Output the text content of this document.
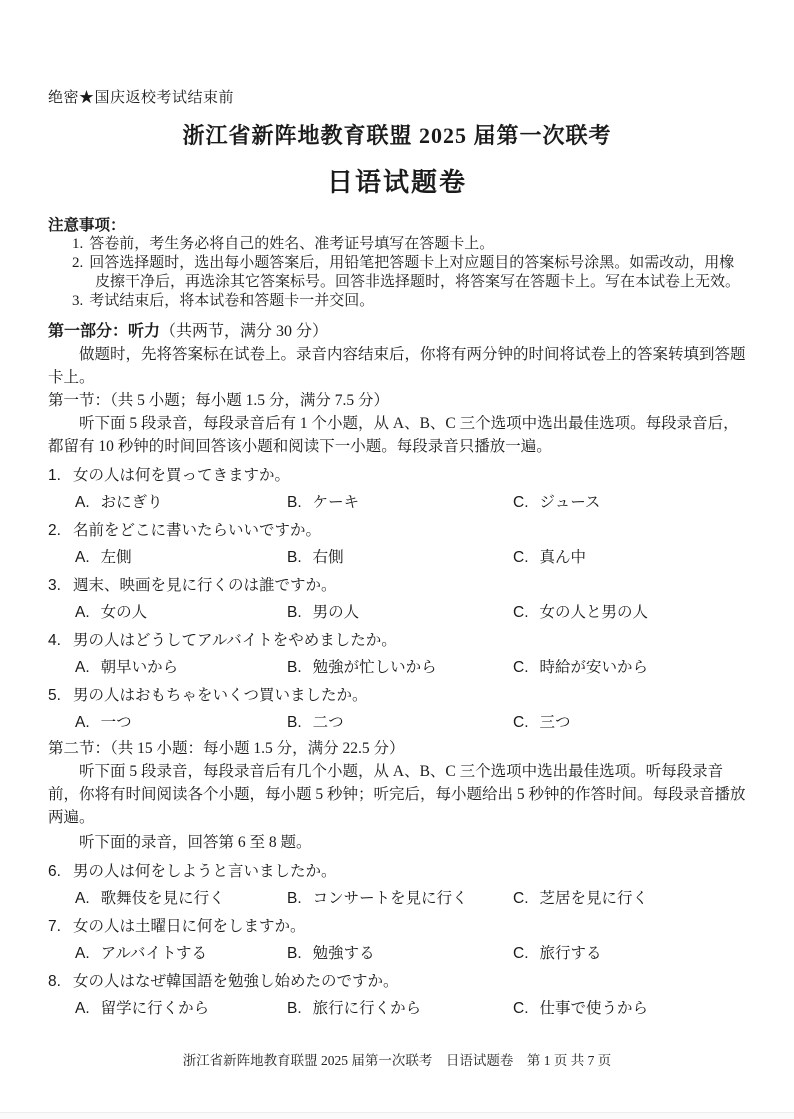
绝密★国庆返校考试结束前
浙江省新阵地教育联盟 2025 届第一次联考
日语试题卷
注意事项：
1. 答卷前，考生务必将自己的姓名、准考证号填写在答题卡上。
2. 回答选择题时，选出每小题答案后，用铅笔把答题卡上对应题目的答案标号涂黑。如需改动，用橡皮擦干净后，再选涂其它答案标号。回答非选择题时，将答案写在答题卡上。写在本试卷上无效。
3. 考试结束后，将本试卷和答题卡一并交回。
第一部分：听力（共两节，满分 30 分）

做题时，先将答案标在试卷上。录音内容结束后，你将有两分钟的时间将试卷上的答案转填到答题卡上。

第一节：（共 5 小题；每小题 1.5 分，满分 7.5 分）

听下面 5 段录音，每段录音后有 1 个小题，从 A、B、C 三个选项中选出最佳选项。每段录音后，都留有 10 秒钟的时间回答该小题和阅读下一小题。每段录音只播放一遍。

1. 女の人は何を買ってきますか。
A. おにぎり	B. ケーキ	C. ジュース
2. 名前をどこに書いたらいいですか。
A. 左側	B. 右側	C. 真ん中
3. 週末、映画を見に行くのは誰ですか。
A. 女の人	B. 男の人	C. 女の人と男の人
4. 男の人はどうしてアルバイトをやめましたか。
A. 朝早いから	B. 勉強が忙しいから	C. 時給が安いから
5. 男の人はおもちゃをいくつ買いましたか。
A. 一つ	B. 二つ	C. 三つ
第二节：（共 15 小题：每小题 1.5 分，满分 22.5 分）

听下面 5 段录音，每段录音后有几个小题，从 A、B、C 三个选项中选出最佳选项。听每段录音前，你将有时间阅读各个小题，每小题 5 秒钟；听完后，每小题给出 5 秒钟的作答时间。每段录音播放两遍。

听下面的录音，回答第 6 至 8 题。

6. 男の人は何をしようと言いましたか。
A. 歌舞伎を見に行く	B. コンサートを見に行く	C. 芝居を見に行く
7. 女の人は土曜日に何をしますか。
A. アルバイトする	B. 勉強する	C. 旅行する
8. 女の人はなぜ韓国語を勉強し始めたのですか。
A. 留学に行くから	B. 旅行に行くから	C. 仕事で使うから
浙江省新阵地教育联盟 2025 届第一次联考　日语试题卷　第 1 页 共 7 页
